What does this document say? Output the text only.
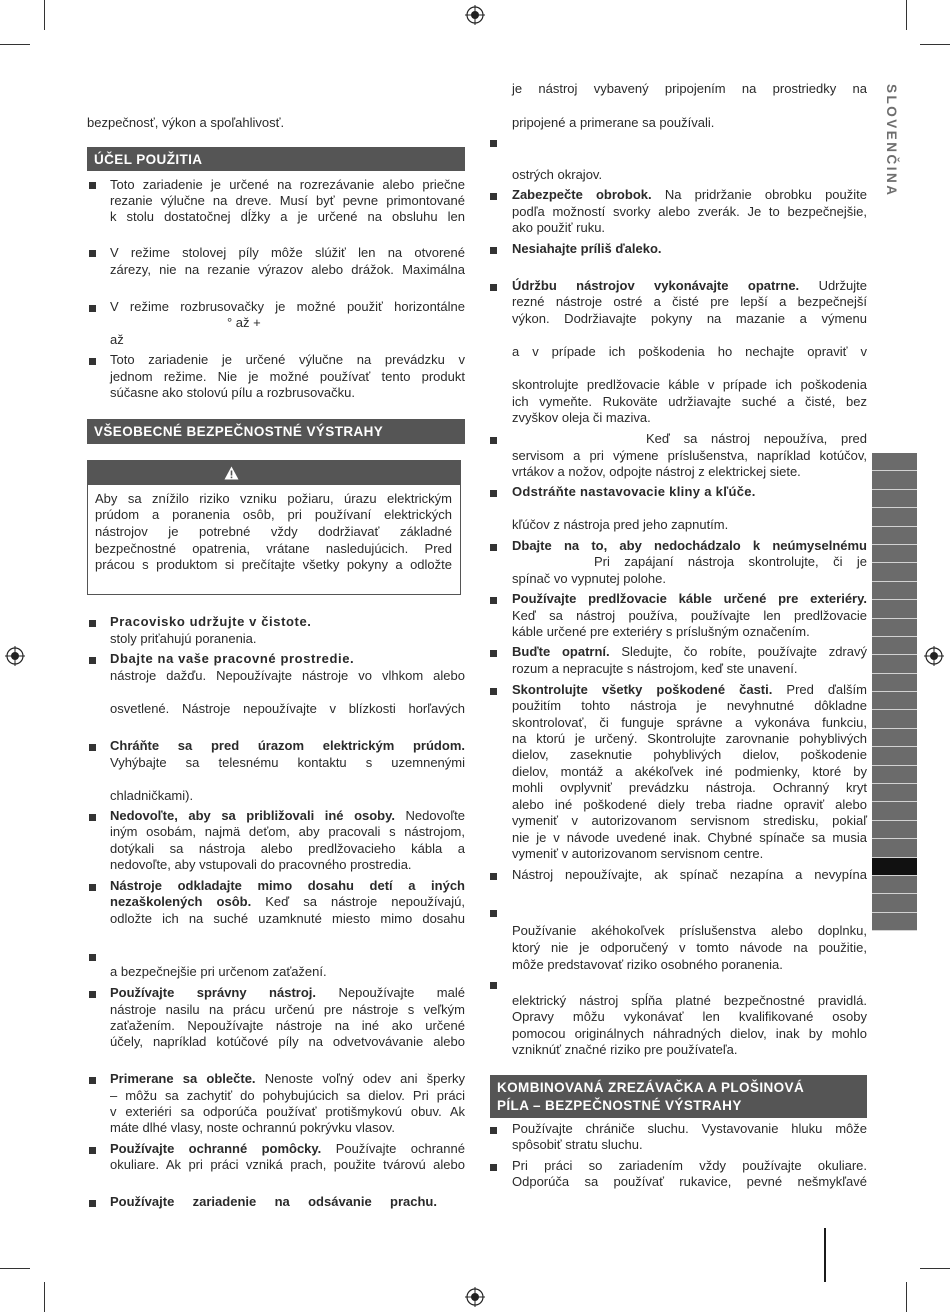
SLOVENČINA
bezpečnosť, výkon a spoľahlivosť.
ÚČEL POUŽITIA
Toto zariadenie je určené na rozrezávanie alebo priečne
rezanie výlučne na dreve. Musí byť pevne primontované
k stolu dostatočnej dĺžky a je určené na obsluhu len
V režime stolovej píly môže slúžiť len na otvorené
zárezy, nie na rezanie výrazov alebo drážok. Maximálna
V režime rozbrusovačky je možné použiť horizontálne
° až +
až
Toto zariadenie je určené výlučne na prevádzku v
jednom režime. Nie je možné používať tento produkt
súčasne ako stolovú pílu a rozbrusovačku.
VŠEOBECNÉ BEZPEČNOSTNÉ VÝSTRAHY
Aby sa znížilo riziko vzniku požiaru, úrazu elektrickým
prúdom a poranenia osôb, pri používaní elektrických
nástrojov je potrebné vždy dodržiavať základné
bezpečnostné opatrenia, vrátane nasledujúcich. Pred
prácou s produktom si prečítajte všetky pokyny a odložte
Pracovisko udržujte v čistote.
stoly priťahujú poranenia.
Dbajte na vaše pracovné prostredie.
nástroje dažďu. Nepoužívajte nástroje vo vlhkom alebo
osvetlené. Nástroje nepoužívajte v blízkosti horľavých
Chráňte sa pred úrazom elektrickým prúdom.
Vyhýbajte sa telesnému kontaktu s uzemnenými
chladničkami).
Nedovoľte, aby sa približovali iné osoby. Nedovoľte
iným osobám, najmä deťom, aby pracovali s nástrojom,
dotýkali sa nástroja alebo predlžovacieho kábla a
nedovoľte, aby vstupovali do pracovného prostredia.
Nástroje odkladajte mimo dosahu detí a iných
nezaškolených osôb. Keď sa nástroje nepoužívajú,
odložte ich na suché uzamknuté miesto mimo dosahu
a bezpečnejšie pri určenom zaťažení.
Používajte správny nástroj. Nepoužívajte malé
nástroje nasilu na prácu určenú pre nástroje s veľkým
zaťažením. Nepoužívajte nástroje na iné ako určené
účely, napríklad kotúčové píly na odvetvovávanie alebo
Primerane sa oblečte. Nenoste voľný odev ani šperky
– môžu sa zachytiť do pohybujúcich sa dielov. Pri práci
v exteriéri sa odporúča používať protišmykovú obuv. Ak
máte dlhé vlasy, noste ochrannú pokrývku vlasov.
Používajte ochranné pomôcky. Používajte ochranné
okuliare. Ak pri práci vzniká prach, použite tvárovú alebo
Používajte zariadenie na odsávanie prachu.
je nástroj vybavený pripojením na prostriedky na
pripojené a primerane sa používali.
ostrých okrajov.
Zabezpečte obrobok. Na pridržanie obrobku použite
podľa možností svorky alebo zverák. Je to bezpečnejšie,
ako použiť ruku.
Nesiahajte príliš ďaleko.
Údržbu nástrojov vykonávajte opatrne. Udržujte
rezné nástroje ostré a čisté pre lepší a bezpečnejší
výkon. Dodržiavajte pokyny na mazanie a výmenu
a v prípade ich poškodenia ho nechajte opraviť v
skontrolujte predlžovacie káble v prípade ich poškodenia
ich vymeňte. Rukoväte udržiavajte suché a čisté, bez
zvyškov oleja či maziva.
Keď sa nástroj nepoužíva, pred
servisom a pri výmene príslušenstva, napríklad kotúčov,
vrtákov a nožov, odpojte nástroj z elektrickej siete.
Odstráňte nastavovacie kliny a kľúče.
kľúčov z nástroja pred jeho zapnutím.
Dbajte na to, aby nedochádzalo k neúmyselnému
Pri zapájaní nástroja skontrolujte, či je
spínač vo vypnutej polohe.
Používajte predlžovacie káble určené pre exteriéry.
Keď sa nástroj používa, používajte len predlžovacie
káble určené pre exteriéry s príslušným označením.
Buďte opatrní. Sledujte, čo robíte, používajte zdravý
rozum a nepracujte s nástrojom, keď ste unavení.
Skontrolujte všetky poškodené časti. Pred ďalším
použitím tohto nástroja je nevyhnutné dôkladne
skontrolovať, či funguje správne a vykonáva funkciu,
na ktorú je určený. Skontrolujte zarovnanie pohyblivých
dielov, zaseknutie pohyblivých dielov, poškodenie
dielov, montáž a akékoľvek iné podmienky, ktoré by
mohli ovplyvniť prevádzku nástroja. Ochranný kryt
alebo iné poškodené diely treba riadne opraviť alebo
vymeniť v autorizovanom servisnom stredisku, pokiaľ
nie je v návode uvedené inak. Chybné spínače sa musia
vymeniť v autorizovanom servisnom centre.
Nástroj nepoužívajte, ak spínač nezapína a nevypína
Používanie akéhokoľvek príslušenstva alebo doplnku,
ktorý nie je odporučený v tomto návode na použitie,
môže predstavovať riziko osobného poranenia.
elektrický nástroj spĺňa platné bezpečnostné pravidlá.
Opravy môžu vykonávať len kvalifikované osoby
pomocou originálnych náhradných dielov, inak by mohlo
vzniknúť značné riziko pre používateľa.
KOMBINOVANÁ ZREZÁVAČKA A PLOŠINOVÁ
PÍLA – BEZPEČNOSTNÉ VÝSTRAHY
Používajte chrániče sluchu. Vystavovanie hluku môže
spôsobiť stratu sluchu.
Pri práci so zariadením vždy používajte okuliare.
Odporúča sa používať rukavice, pevné nešmykľavé
